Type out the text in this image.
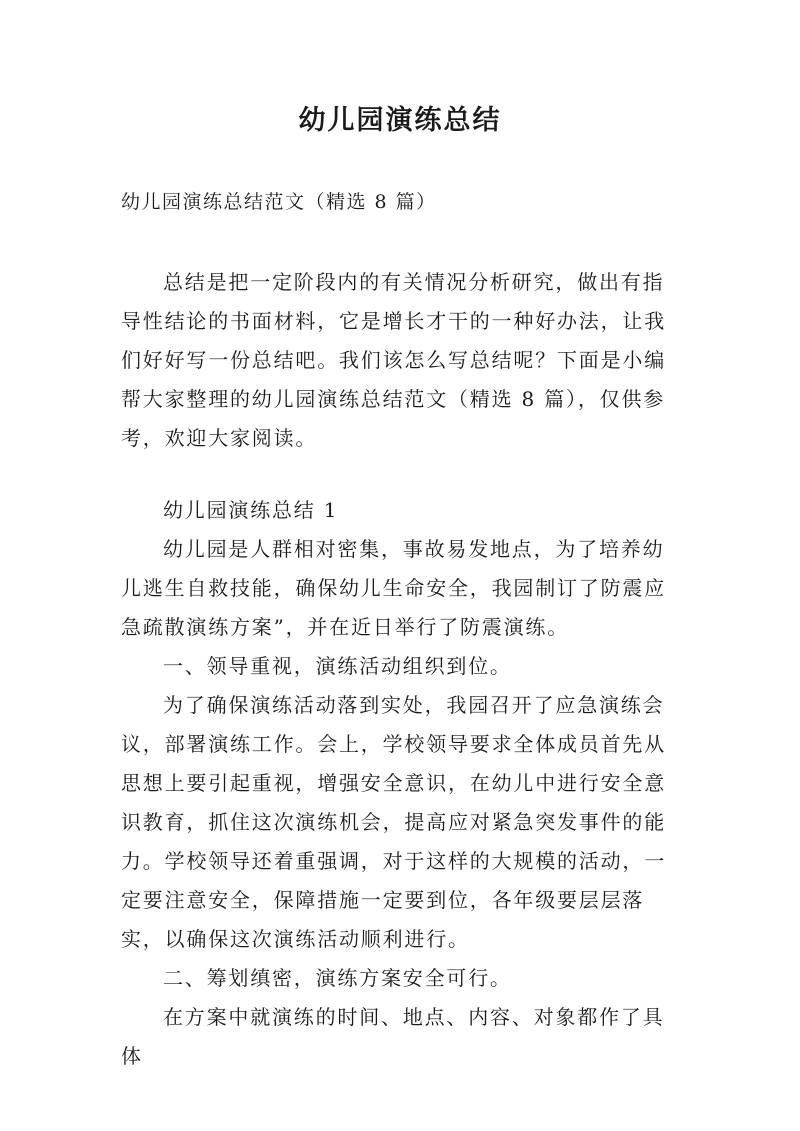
幼儿园演练总结
幼儿园演练总结范文（精选 8 篇）

总结是把一定阶段内的有关情况分析研究，做出有指导性结论的书面材料，它是增长才干的一种好办法，让我们好好写一份总结吧。我们该怎么写总结呢？下面是小编帮大家整理的幼儿园演练总结范文（精选 8 篇），仅供参考，欢迎大家阅读。

幼儿园演练总结 1

幼儿园是人群相对密集，事故易发地点，为了培养幼儿逃生自救技能，确保幼儿生命安全，我园制订了防震应急疏散演练方案”，并在近日举行了防震演练。

一、领导重视，演练活动组织到位。

为了确保演练活动落到实处，我园召开了应急演练会议，部署演练工作。会上，学校领导要求全体成员首先从思想上要引起重视，增强安全意识，在幼儿中进行安全意识教育，抓住这次演练机会，提高应对紧急突发事件的能力。学校领导还着重强调，对于这样的大规模的活动，一定要注意安全，保障措施一定要到位，各年级要层层落实，以确保这次演练活动顺利进行。

二、筹划缜密，演练方案安全可行。

在方案中就演练的时间、地点、内容、对象都作了具体
